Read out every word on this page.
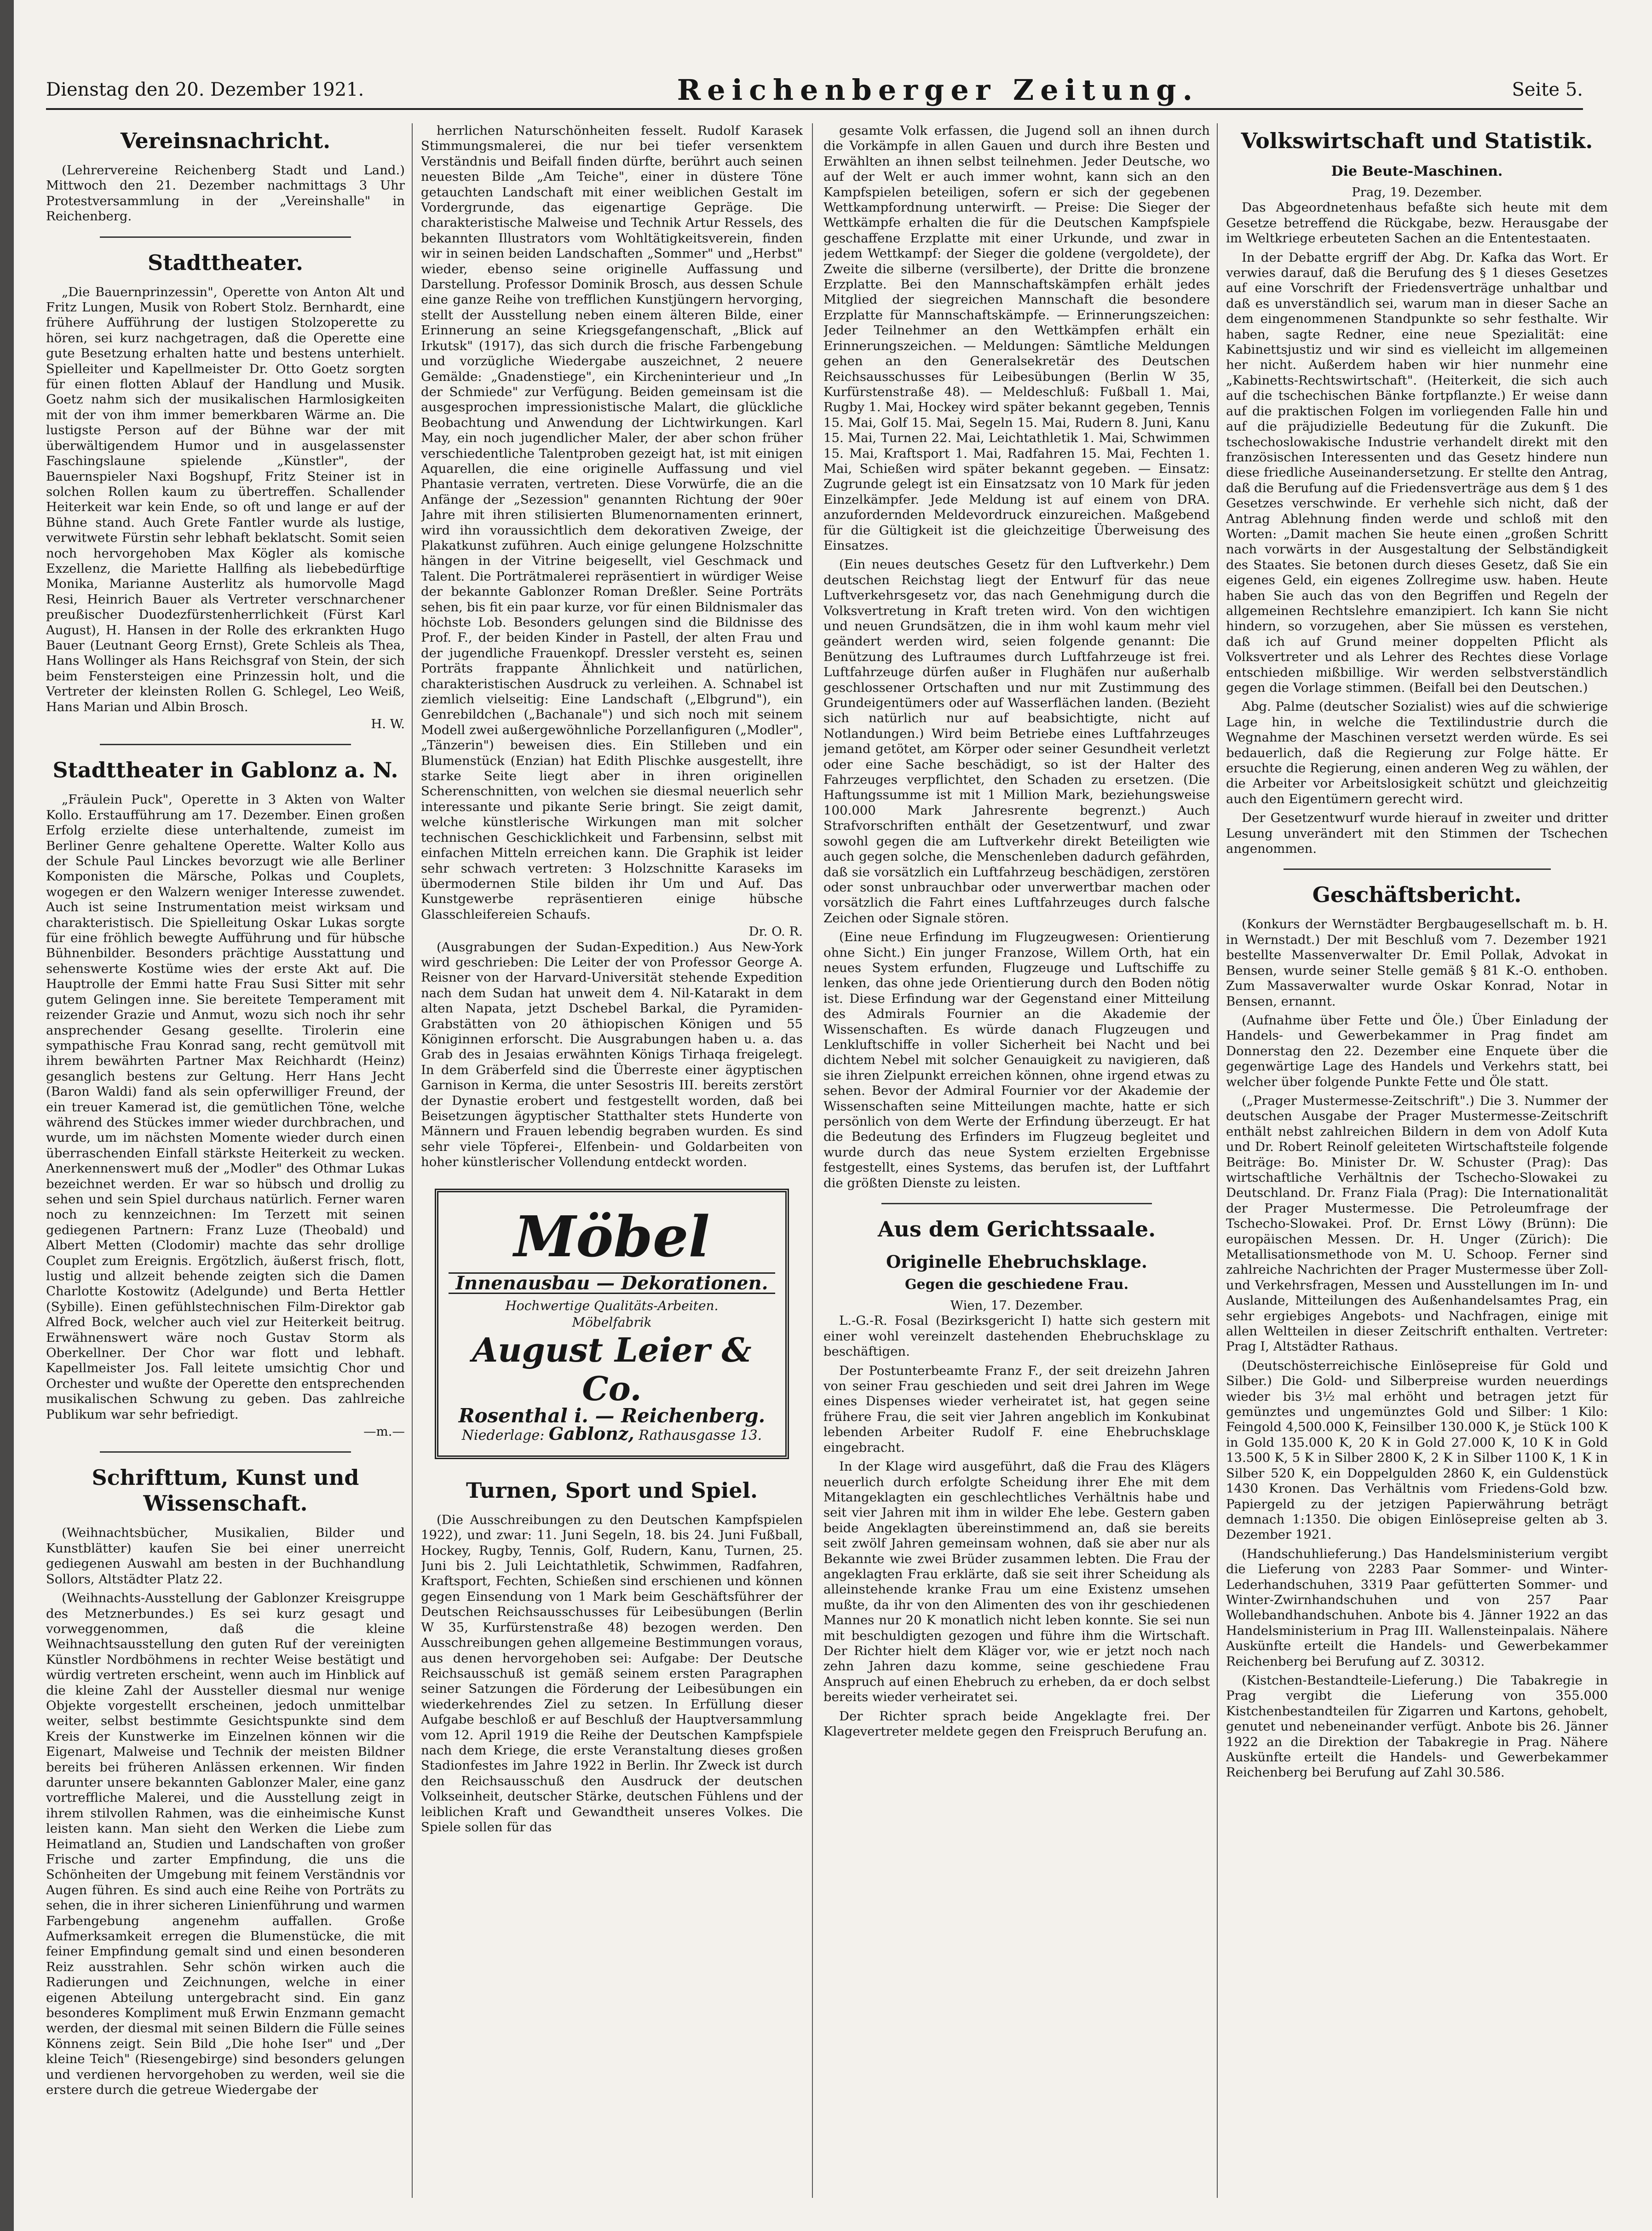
Dienstag den 20. Dezember 1921.	Reichenberger Zeitung.	Seite 5.
Vereinsnachricht.

(Lehrervereine Reichenberg Stadt und Land.) Mittwoch den 21. Dezember nachmittags 3 Uhr Protestversammlung in der „Vereinshalle" in Reichenberg.

Stadttheater.

„Die Bauernprinzessin", Operette von Anton Alt und Fritz Lungen, Musik von Robert Stolz. Bernhardt, eine frühere Aufführung der lustigen Stolzoperette zu hören, sei kurz nachgetragen, daß die Operette eine gute Besetzung erhalten hatte und bestens unterhielt. Spielleiter und Kapellmeister Dr. Otto Goetz sorgten für einen flotten Ablauf der Handlung und Musik. Goetz nahm sich der musikalischen Harmlosigkeiten mit der von ihm immer bemerkbaren Wärme an. Die lustigste Person auf der Bühne war der mit überwältigendem Humor und in ausgelassenster Faschingslaune spielende „Künstler", der Bauernspieler Naxi Bogshupf, Fritz Steiner ist in solchen Rollen kaum zu übertreffen. Schallender Heiterkeit war kein Ende, so oft und lange er auf der Bühne stand. Auch Grete Fantler wurde als lustige, verwitwete Fürstin sehr lebhaft beklatscht. Somit seien noch hervorgehoben Max Kögler als komische Exzellenz, die Mariette Hallfing als liebebedürftige Monika, Marianne Austerlitz als humorvolle Magd Resi, Heinrich Bauer als Vertreter verschnarchener preußischer Duodezfürstenherrlichkeit (Fürst Karl August), H. Hansen in der Rolle des erkrankten Hugo Bauer (Leutnant Georg Ernst), Grete Schleis als Thea, Hans Wollinger als Hans Reichsgraf von Stein, der sich beim Fenstersteigen eine Prinzessin holt, und die Vertreter der kleinsten Rollen G. Schlegel, Leo Weiß, Hans Marian und Albin Brosch.

H. W.
Stadttheater in Gablonz a. N.

„Fräulein Puck", Operette in 3 Akten von Walter Kollo. Erstaufführung am 17. Dezember. Einen großen Erfolg erzielte diese unterhaltende, zumeist im Berliner Genre gehaltene Operette. Walter Kollo aus der Schule Paul Linckes bevorzugt wie alle Berliner Komponisten die Märsche, Polkas und Couplets, wogegen er den Walzern weniger Interesse zuwendet. Auch ist seine Instrumentation meist wirksam und charakteristisch. Die Spielleitung Oskar Lukas sorgte für eine fröhlich bewegte Aufführung und für hübsche Bühnenbilder. Besonders prächtige Ausstattung und sehenswerte Kostüme wies der erste Akt auf. Die Hauptrolle der Emmi hatte Frau Susi Sitter mit sehr gutem Gelingen inne. Sie bereitete Temperament mit reizender Grazie und Anmut, wozu sich noch ihr sehr ansprechender Gesang gesellte. Tirolerin eine sympathische Frau Konrad sang, recht gemütvoll mit ihrem bewährten Partner Max Reichhardt (Heinz) gesanglich bestens zur Geltung. Herr Hans Jecht (Baron Waldi) fand als sein opferwilliger Freund, der ein treuer Kamerad ist, die gemütlichen Töne, welche während des Stückes immer wieder durchbrachen, und wurde, um im nächsten Momente wieder durch einen überraschenden Einfall stärkste Heiterkeit zu wecken. Anerkennenswert muß der „Modler" des Othmar Lukas bezeichnet werden. Er war so hübsch und drollig zu sehen und sein Spiel durchaus natürlich. Ferner waren noch zu kennzeichnen: Im Terzett mit seinen gediegenen Partnern: Franz Luze (Theobald) und Albert Metten (Clodomir) machte das sehr drollige Couplet zum Ereignis. Ergötzlich, äußerst frisch, flott, lustig und allzeit behende zeigten sich die Damen Charlotte Kostowitz (Adelgunde) und Berta Hettler (Sybille). Einen gefühlstechnischen Film-Direktor gab Alfred Bock, welcher auch viel zur Heiterkeit beitrug. Erwähnenswert wäre noch Gustav Storm als Oberkellner. Der Chor war flott und lebhaft. Kapellmeister Jos. Fall leitete umsichtig Chor und Orchester und wußte der Operette den entsprechenden musikalischen Schwung zu geben. Das zahlreiche Publikum war sehr befriedigt.

—m.—
Schrifttum, Kunst und Wissenschaft.

(Weihnachtsbücher, Musikalien, Bilder und Kunstblätter) kaufen Sie bei einer unerreicht gediegenen Auswahl am besten in der Buchhandlung Sollors, Altstädter Platz 22.

(Weihnachts-Ausstellung der Gablonzer Kreisgruppe des Metznerbundes.) Es sei kurz gesagt und vorweggenommen, daß die kleine Weihnachtsausstellung den guten Ruf der vereinigten Künstler Nordböhmens in rechter Weise bestätigt und würdig vertreten erscheint, wenn auch im Hinblick auf die kleine Zahl der Aussteller diesmal nur wenige Objekte vorgestellt erscheinen, jedoch unmittelbar weiter, selbst bestimmte Gesichtspunkte sind dem Kreis der Kunstwerke im Einzelnen können wir die Eigenart, Malweise und Technik der meisten Bildner bereits bei früheren Anlässen erkennen. Wir finden darunter unsere bekannten Gablonzer Maler, eine ganz vortreffliche Malerei, und die Ausstellung zeigt in ihrem stilvollen Rahmen, was die einheimische Kunst leisten kann. Man sieht den Werken die Liebe zum Heimatland an, Studien und Landschaften von großer Frische und zarter Empfindung, die uns die Schönheiten der Umgebung mit feinem Verständnis vor Augen führen. Es sind auch eine Reihe von Porträts zu sehen, die in ihrer sicheren Linienführung und warmen Farbengebung angenehm auffallen. Große Aufmerksamkeit erregen die Blumenstücke, die mit feiner Empfindung gemalt sind und einen besonderen Reiz ausstrahlen. Sehr schön wirken auch die Radierungen und Zeichnungen, welche in einer eigenen Abteilung untergebracht sind. Ein ganz besonderes Kompliment muß Erwin Enzmann gemacht werden, der diesmal mit seinen Bildern die Fülle seines Könnens zeigt. Sein Bild „Die hohe Iser" und „Der kleine Teich" (Riesengebirge) sind besonders gelungen und verdienen hervorgehoben zu werden, weil sie die erstere durch die getreue Wiedergabe der

herrlichen Naturschönheiten fesselt. Rudolf Karasek Stimmungsmalerei, die nur bei tiefer versenktem Verständnis und Beifall finden dürfte, berührt auch seinen neuesten Bilde „Am Teiche", einer in düstere Töne getauchten Landschaft mit einer weiblichen Gestalt im Vordergrunde, das eigenartige Gepräge. Die charakteristische Malweise und Technik Artur Ressels, des bekannten Illustrators vom Wohltätigkeitsverein, finden wir in seinen beiden Landschaften „Sommer" und „Herbst" wieder, ebenso seine originelle Auffassung und Darstellung. Professor Dominik Brosch, aus dessen Schule eine ganze Reihe von trefflichen Kunstjüngern hervorging, stellt der Ausstellung neben einem älteren Bilde, einer Erinnerung an seine Kriegsgefangenschaft, „Blick auf Irkutsk" (1917), das sich durch die frische Farbengebung und vorzügliche Wiedergabe auszeichnet, 2 neuere Gemälde: „Gnadenstiege", ein Kircheninterieur und „In der Schmiede" zur Verfügung. Beiden gemeinsam ist die ausgesprochen impressionistische Malart, die glückliche Beobachtung und Anwendung der Lichtwirkungen. Karl May, ein noch jugendlicher Maler, der aber schon früher verschiedentliche Talentproben gezeigt hat, ist mit einigen Aquarellen, die eine originelle Auffassung und viel Phantasie verraten, vertreten. Diese Vorwürfe, die an die Anfänge der „Sezession" genannten Richtung der 90er Jahre mit ihren stilisierten Blumenornamenten erinnert, wird ihn voraussichtlich dem dekorativen Zweige, der Plakatkunst zuführen. Auch einige gelungene Holzschnitte hängen in der Vitrine beigesellt, viel Geschmack und Talent. Die Porträtmalerei repräsentiert in würdiger Weise der bekannte Gablonzer Roman Dreßler. Seine Porträts sehen, bis fit ein paar kurze, vor für einen Bildnismaler das höchste Lob. Besonders gelungen sind die Bildnisse des Prof. F., der beiden Kinder in Pastell, der alten Frau und der jugendliche Frauenkopf. Dressler versteht es, seinen Porträts frappante Ähnlichkeit und natürlichen, charakteristischen Ausdruck zu verleihen. A. Schnabel ist ziemlich vielseitig: Eine Landschaft („Elbgrund"), ein Genrebildchen („Bachanale") und sich noch mit seinem Modell zwei außergewöhnliche Porzellanfiguren („Modler", „Tänzerin") beweisen dies. Ein Stilleben und ein Blumenstück (Enzian) hat Edith Plischke ausgestellt, ihre starke Seite liegt aber in ihren originellen Scherenschnitten, von welchen sie diesmal neuerlich sehr interessante und pikante Serie bringt. Sie zeigt damit, welche künstlerische Wirkungen man mit solcher technischen Geschicklichkeit und Farbensinn, selbst mit einfachen Mitteln erreichen kann. Die Graphik ist leider sehr schwach vertreten: 3 Holzschnitte Karaseks im übermodernen Stile bilden ihr Um und Auf. Das Kunstgewerbe repräsentieren einige hübsche Glasschleifereien Schaufs.

Dr. O. R.

(Ausgrabungen der Sudan-Expedition.) Aus New-York wird geschrieben: Die Leiter der von Professor George A. Reisner von der Harvard-Universität stehende Expedition nach dem Sudan hat unweit dem 4. Nil-Katarakt in dem alten Napata, jetzt Dschebel Barkal, die Pyramiden-Grabstätten von 20 äthiopischen Königen und 55 Königinnen erforscht. Die Ausgrabungen haben u. a. das Grab des in Jesaias erwähnten Königs Tirhaqa freigelegt. In dem Gräberfeld sind die Überreste einer ägyptischen Garnison in Kerma, die unter Sesostris III. bereits zerstört der Dynastie erobert und festgestellt worden, daß bei Beisetzungen ägyptischer Statthalter stets Hunderte von Männern und Frauen lebendig begraben wurden. Es sind sehr viele Töpferei-, Elfenbein- und Goldarbeiten von hoher künstlerischer Vollendung entdeckt worden.

Möbel
Innenausbau — Dekorationen.
Hochwertige Qualitäts-Arbeiten.
Möbelfabrik
August Leier & Co.
Rosenthal i. — Reichenberg.
Niederlage: Gablonz, Rathausgasse 13.
Turnen, Sport und Spiel.

(Die Ausschreibungen zu den Deutschen Kampfspielen 1922), und zwar: 11. Juni Segeln, 18. bis 24. Juni Fußball, Hockey, Rugby, Tennis, Golf, Rudern, Kanu, Turnen, 25. Juni bis 2. Juli Leichtathletik, Schwimmen, Radfahren, Kraftsport, Fechten, Schießen sind erschienen und können gegen Einsendung von 1 Mark beim Geschäftsführer der Deutschen Reichsausschusses für Leibesübungen (Berlin W 35, Kurfürstenstraße 48) bezogen werden. Den Ausschreibungen gehen allgemeine Bestimmungen voraus, aus denen hervorgehoben sei: Aufgabe: Der Deutsche Reichsausschuß ist gemäß seinem ersten Paragraphen seiner Satzungen die Förderung der Leibesübungen ein wiederkehrendes Ziel zu setzen. In Erfüllung dieser Aufgabe beschloß er auf Beschluß der Hauptversammlung vom 12. April 1919 die Reihe der Deutschen Kampfspiele nach dem Kriege, die erste Veranstaltung dieses großen Stadionfestes im Jahre 1922 in Berlin. Ihr Zweck ist durch den Reichsausschuß den Ausdruck der deutschen Volkseinheit, deutscher Stärke, deutschen Fühlens und der leiblichen Kraft und Gewandtheit unseres Volkes. Die Spiele sollen für das

gesamte Volk erfassen, die Jugend soll an ihnen durch die Vorkämpfe in allen Gauen und durch ihre Besten und Erwählten an ihnen selbst teilnehmen. Jeder Deutsche, wo auf der Welt er auch immer wohnt, kann sich an den Kampfspielen beteiligen, sofern er sich der gegebenen Wettkampfordnung unterwirft. — Preise: Die Sieger der Wettkämpfe erhalten die für die Deutschen Kampfspiele geschaffene Erzplatte mit einer Urkunde, und zwar in jedem Wettkampf: der Sieger die goldene (vergoldete), der Zweite die silberne (versilberte), der Dritte die bronzene Erzplatte. Bei den Mannschaftskämpfen erhält jedes Mitglied der siegreichen Mannschaft die besondere Erzplatte für Mannschaftskämpfe. — Erinnerungszeichen: Jeder Teilnehmer an den Wettkämpfen erhält ein Erinnerungszeichen. — Meldungen: Sämtliche Meldungen gehen an den Generalsekretär des Deutschen Reichsausschusses für Leibesübungen (Berlin W 35, Kurfürstenstraße 48). — Meldeschluß: Fußball 1. Mai, Rugby 1. Mai, Hockey wird später bekannt gegeben, Tennis 15. Mai, Golf 15. Mai, Segeln 15. Mai, Rudern 8. Juni, Kanu 15. Mai, Turnen 22. Mai, Leichtathletik 1. Mai, Schwimmen 15. Mai, Kraftsport 1. Mai, Radfahren 15. Mai, Fechten 1. Mai, Schießen wird später bekannt gegeben. — Einsatz: Zugrunde gelegt ist ein Einsatzsatz von 10 Mark für jeden Einzelkämpfer. Jede Meldung ist auf einem von DRA. anzufordernden Meldevordruck einzureichen. Maßgebend für die Gültigkeit ist die gleichzeitige Überweisung des Einsatzes.

(Ein neues deutsches Gesetz für den Luftverkehr.) Dem deutschen Reichstag liegt der Entwurf für das neue Luftverkehrsgesetz vor, das nach Genehmigung durch die Volksvertretung in Kraft treten wird. Von den wichtigen und neuen Grundsätzen, die in ihm wohl kaum mehr viel geändert werden wird, seien folgende genannt: Die Benützung des Luftraumes durch Luftfahrzeuge ist frei. Luftfahrzeuge dürfen außer in Flughäfen nur außerhalb geschlossener Ortschaften und nur mit Zustimmung des Grundeigentümers oder auf Wasserflächen landen. (Bezieht sich natürlich nur auf beabsichtigte, nicht auf Notlandungen.) Wird beim Betriebe eines Luftfahrzeuges jemand getötet, am Körper oder seiner Gesundheit verletzt oder eine Sache beschädigt, so ist der Halter des Fahrzeuges verpflichtet, den Schaden zu ersetzen. (Die Haftungssumme ist mit 1 Million Mark, beziehungsweise 100.000 Mark Jahresrente begrenzt.) Auch Strafvorschriften enthält der Gesetzentwurf, und zwar sowohl gegen die am Luftverkehr direkt Beteiligten wie auch gegen solche, die Menschenleben dadurch gefährden, daß sie vorsätzlich ein Luftfahrzeug beschädigen, zerstören oder sonst unbrauchbar oder unverwertbar machen oder vorsätzlich die Fahrt eines Luftfahrzeuges durch falsche Zeichen oder Signale stören.

(Eine neue Erfindung im Flugzeugwesen: Orientierung ohne Sicht.) Ein junger Franzose, Willem Orth, hat ein neues System erfunden, Flugzeuge und Luftschiffe zu lenken, das ohne jede Orientierung durch den Boden nötig ist. Diese Erfindung war der Gegenstand einer Mitteilung des Admirals Fournier an die Akademie der Wissenschaften. Es würde danach Flugzeugen und Lenkluftschiffe in voller Sicherheit bei Nacht und bei dichtem Nebel mit solcher Genauigkeit zu navigieren, daß sie ihren Zielpunkt erreichen können, ohne irgend etwas zu sehen. Bevor der Admiral Fournier vor der Akademie der Wissenschaften seine Mitteilungen machte, hatte er sich persönlich von dem Werte der Erfindung überzeugt. Er hat die Bedeutung des Erfinders im Flugzeug begleitet und wurde durch das neue System erzielten Ergebnisse festgestellt, eines Systems, das berufen ist, der Luftfahrt die größten Dienste zu leisten.

Aus dem Gerichtssaale.
Originelle Ehebruchsklage.
Gegen die geschiedene Frau.
Wien, 17. Dezember.

L.-G.-R. Fosal (Bezirksgericht I) hatte sich gestern mit einer wohl vereinzelt dastehenden Ehebruchsklage zu beschäftigen.

Der Postunterbeamte Franz F., der seit dreizehn Jahren von seiner Frau geschieden und seit drei Jahren im Wege eines Dispenses wieder verheiratet ist, hat gegen seine frühere Frau, die seit vier Jahren angeblich im Konkubinat lebenden Arbeiter Rudolf F. eine Ehebruchsklage eingebracht.

In der Klage wird ausgeführt, daß die Frau des Klägers neuerlich durch erfolgte Scheidung ihrer Ehe mit dem Mitangeklagten ein geschlechtliches Verhältnis habe und seit vier Jahren mit ihm in wilder Ehe lebe. Gestern gaben beide Angeklagten übereinstimmend an, daß sie bereits seit zwölf Jahren gemeinsam wohnen, daß sie aber nur als Bekannte wie zwei Brüder zusammen lebten. Die Frau der angeklagten Frau erklärte, daß sie seit ihrer Scheidung als alleinstehende kranke Frau um eine Existenz umsehen mußte, da ihr von den Alimenten des von ihr geschiedenen Mannes nur 20 K monatlich nicht leben konnte. Sie sei nun mit beschuldigten gezogen und führe ihm die Wirtschaft. Der Richter hielt dem Kläger vor, wie er jetzt noch nach zehn Jahren dazu komme, seine geschiedene Frau Anspruch auf einen Ehebruch zu erheben, da er doch selbst bereits wieder verheiratet sei.

Der Richter sprach beide Angeklagte frei. Der Klagevertreter meldete gegen den Freispruch Berufung an.

Volkswirtschaft und Statistik.
Die Beute-Maschinen.
Prag, 19. Dezember.

Das Abgeordnetenhaus befaßte sich heute mit dem Gesetze betreffend die Rückgabe, bezw. Herausgabe der im Weltkriege erbeuteten Sachen an die Ententestaaten.

In der Debatte ergriff der Abg. Dr. Kafka das Wort. Er verwies darauf, daß die Berufung des § 1 dieses Gesetzes auf eine Vorschrift der Friedensverträge unhaltbar und daß es unverständlich sei, warum man in dieser Sache an dem eingenommenen Standpunkte so sehr festhalte. Wir haben, sagte Redner, eine neue Spezialität: eine Kabinettsjustiz und wir sind es vielleicht im allgemeinen her nicht. Außerdem haben wir hier nunmehr eine „Kabinetts-Rechtswirtschaft". (Heiterkeit, die sich auch auf die tschechischen Bänke fortpflanzte.) Er weise dann auf die praktischen Folgen im vorliegenden Falle hin und auf die präjudizielle Bedeutung für die Zukunft. Die tschechoslowakische Industrie verhandelt direkt mit den französischen Interessenten und das Gesetz hindere nun diese friedliche Auseinandersetzung. Er stellte den Antrag, daß die Berufung auf die Friedensverträge aus dem § 1 des Gesetzes verschwinde. Er verhehle sich nicht, daß der Antrag Ablehnung finden werde und schloß mit den Worten: „Damit machen Sie heute einen „großen Schritt nach vorwärts in der Ausgestaltung der Selbständigkeit des Staates. Sie betonen durch dieses Gesetz, daß Sie ein eigenes Geld, ein eigenes Zollregime usw. haben. Heute haben Sie auch das von den Begriffen und Regeln der allgemeinen Rechtslehre emanzipiert. Ich kann Sie nicht hindern, so vorzugehen, aber Sie müssen es verstehen, daß ich auf Grund meiner doppelten Pflicht als Volksvertreter und als Lehrer des Rechtes diese Vorlage entschieden mißbillige. Wir werden selbstverständlich gegen die Vorlage stimmen. (Beifall bei den Deutschen.)

Abg. Palme (deutscher Sozialist) wies auf die schwierige Lage hin, in welche die Textilindustrie durch die Wegnahme der Maschinen versetzt werden würde. Es sei bedauerlich, daß die Regierung zur Folge hätte. Er ersuchte die Regierung, einen anderen Weg zu wählen, der die Arbeiter vor Arbeitslosigkeit schützt und gleichzeitig auch den Eigentümern gerecht wird.

Der Gesetzentwurf wurde hierauf in zweiter und dritter Lesung unverändert mit den Stimmen der Tschechen angenommen.

Geschäftsbericht.

(Konkurs der Wernstädter Bergbaugesellschaft m. b. H. in Wernstadt.) Der mit Beschluß vom 7. Dezember 1921 bestellte Massenverwalter Dr. Emil Pollak, Advokat in Bensen, wurde seiner Stelle gemäß § 81 K.-O. enthoben. Zum Massaverwalter wurde Oskar Konrad, Notar in Bensen, ernannt.

(Aufnahme über Fette und Öle.) Über Einladung der Handels- und Gewerbekammer in Prag findet am Donnerstag den 22. Dezember eine Enquete über die gegenwärtige Lage des Handels und Verkehrs statt, bei welcher über folgende Punkte Fette und Öle statt.

(„Prager Mustermesse-Zeitschrift".) Die 3. Nummer der deutschen Ausgabe der Prager Mustermesse-Zeitschrift enthält nebst zahlreichen Bildern in dem von Adolf Kuta und Dr. Robert Reinolf geleiteten Wirtschaftsteile folgende Beiträge: Bo. Minister Dr. W. Schuster (Prag): Das wirtschaftliche Verhältnis der Tschecho-Slowakei zu Deutschland. Dr. Franz Fiala (Prag): Die Internationalität der Prager Mustermesse. Die Petroleumfrage der Tschecho-Slowakei. Prof. Dr. Ernst Löwy (Brünn): Die europäischen Messen. Dr. H. Unger (Zürich): Die Metallisationsmethode von M. U. Schoop. Ferner sind zahlreiche Nachrichten der Prager Mustermesse über Zoll- und Verkehrsfragen, Messen und Ausstellungen im In- und Auslande, Mitteilungen des Außenhandelsamtes Prag, ein sehr ergiebiges Angebots- und Nachfragen, einige mit allen Weltteilen in dieser Zeitschrift enthalten. Vertreter: Prag I, Altstädter Rathaus.

(Deutschösterreichische Einlösepreise für Gold und Silber.) Die Gold- und Silberpreise wurden neuerdings wieder bis 3½ mal erhöht und betragen jetzt für gemünztes und ungemünztes Gold und Silber: 1 Kilo: Feingold 4,500.000 K, Feinsilber 130.000 K, je Stück 100 K in Gold 135.000 K, 20 K in Gold 27.000 K, 10 K in Gold 13.500 K, 5 K in Silber 2800 K, 2 K in Silber 1100 K, 1 K in Silber 520 K, ein Doppelgulden 2860 K, ein Guldenstück 1430 Kronen. Das Verhältnis vom Friedens-Gold bzw. Papiergeld zu der jetzigen Papierwährung beträgt demnach 1:1350. Die obigen Einlösepreise gelten ab 3. Dezember 1921.

(Handschuhlieferung.) Das Handelsministerium vergibt die Lieferung von 2283 Paar Sommer- und Winter-Lederhandschuhen, 3319 Paar gefütterten Sommer- und Winter-Zwirnhandschuhen und von 257 Paar Wollebandhandschuhen. Anbote bis 4. Jänner 1922 an das Handelsministerium in Prag III. Wallensteinpalais. Nähere Auskünfte erteilt die Handels- und Gewerbekammer Reichenberg bei Berufung auf Z. 30312.

(Kistchen-Bestandteile-Lieferung.) Die Tabakregie in Prag vergibt die Lieferung von 355.000 Kistchenbestandteilen für Zigarren und Kartons, gehobelt, genutet und nebeneinander verfügt. Anbote bis 26. Jänner 1922 an die Direktion der Tabakregie in Prag. Nähere Auskünfte erteilt die Handels- und Gewerbekammer Reichenberg bei Berufung auf Zahl 30.586.
